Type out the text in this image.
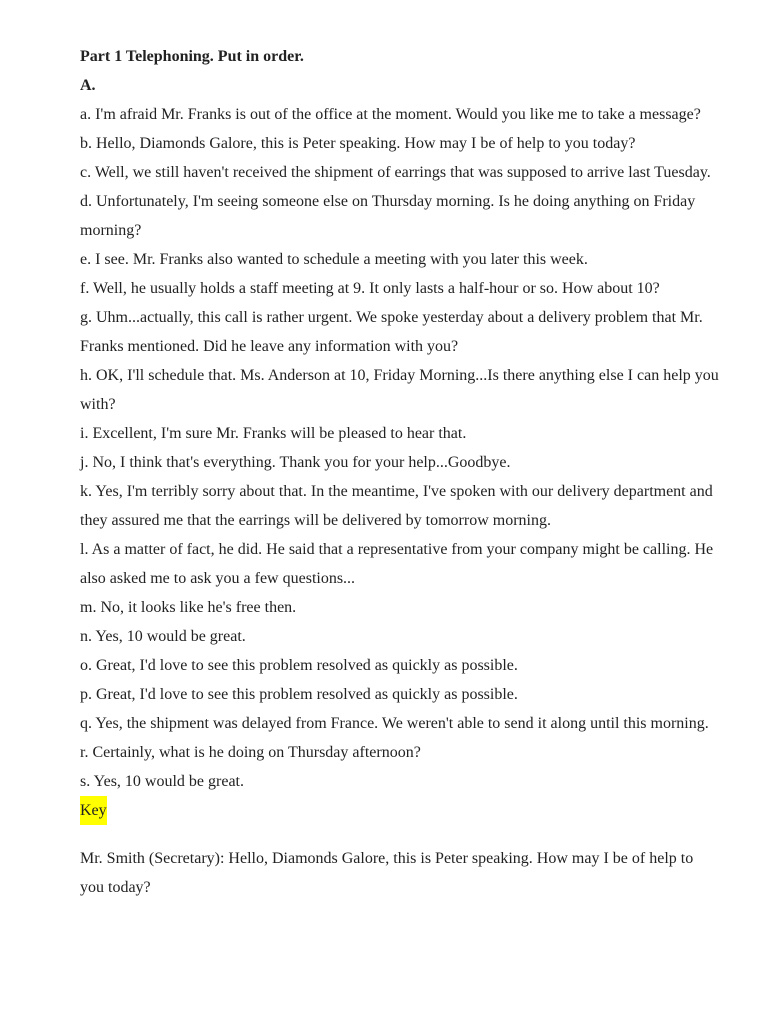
Part 1 Telephoning. Put in order.

A.

a. I'm afraid Mr. Franks is out of the office at the moment. Would you like me to take a message?
b. Hello, Diamonds Galore, this is Peter speaking. How may I be of help to you today?
c. Well, we still haven't received the shipment of earrings that was supposed to arrive last Tuesday.
d. Unfortunately, I'm seeing someone else on Thursday morning. Is he doing anything on Friday morning?
e. I see. Mr. Franks also wanted to schedule a meeting with you later this week.
f. Well, he usually holds a staff meeting at 9. It only lasts a half-hour or so. How about 10?
g. Uhm...actually, this call is rather urgent. We spoke yesterday about a delivery problem that Mr. Franks mentioned. Did he leave any information with you?
h. OK, I'll schedule that. Ms. Anderson at 10, Friday Morning...Is there anything else I can help you with?
i. Excellent, I'm sure Mr. Franks will be pleased to hear that.
j. No, I think that's everything. Thank you for your help...Goodbye.
k. Yes, I'm terribly sorry about that. In the meantime, I've spoken with our delivery department and they assured me that the earrings will be delivered by tomorrow morning.
l. As a matter of fact, he did. He said that a representative from your company might be calling. He also asked me to ask you a few questions...
m. No, it looks like he's free then.
n. Yes, 10 would be great.
o. Great, I'd love to see this problem resolved as quickly as possible.
p. Great, I'd love to see this problem resolved as quickly as possible.
q. Yes, the shipment was delayed from France. We weren't able to send it along until this morning.
r. Certainly, what is he doing on Thursday afternoon?
s. Yes, 10 would be great.
Key

Mr. Smith (Secretary): Hello, Diamonds Galore, this is Peter speaking. How may I be of help to you today?
